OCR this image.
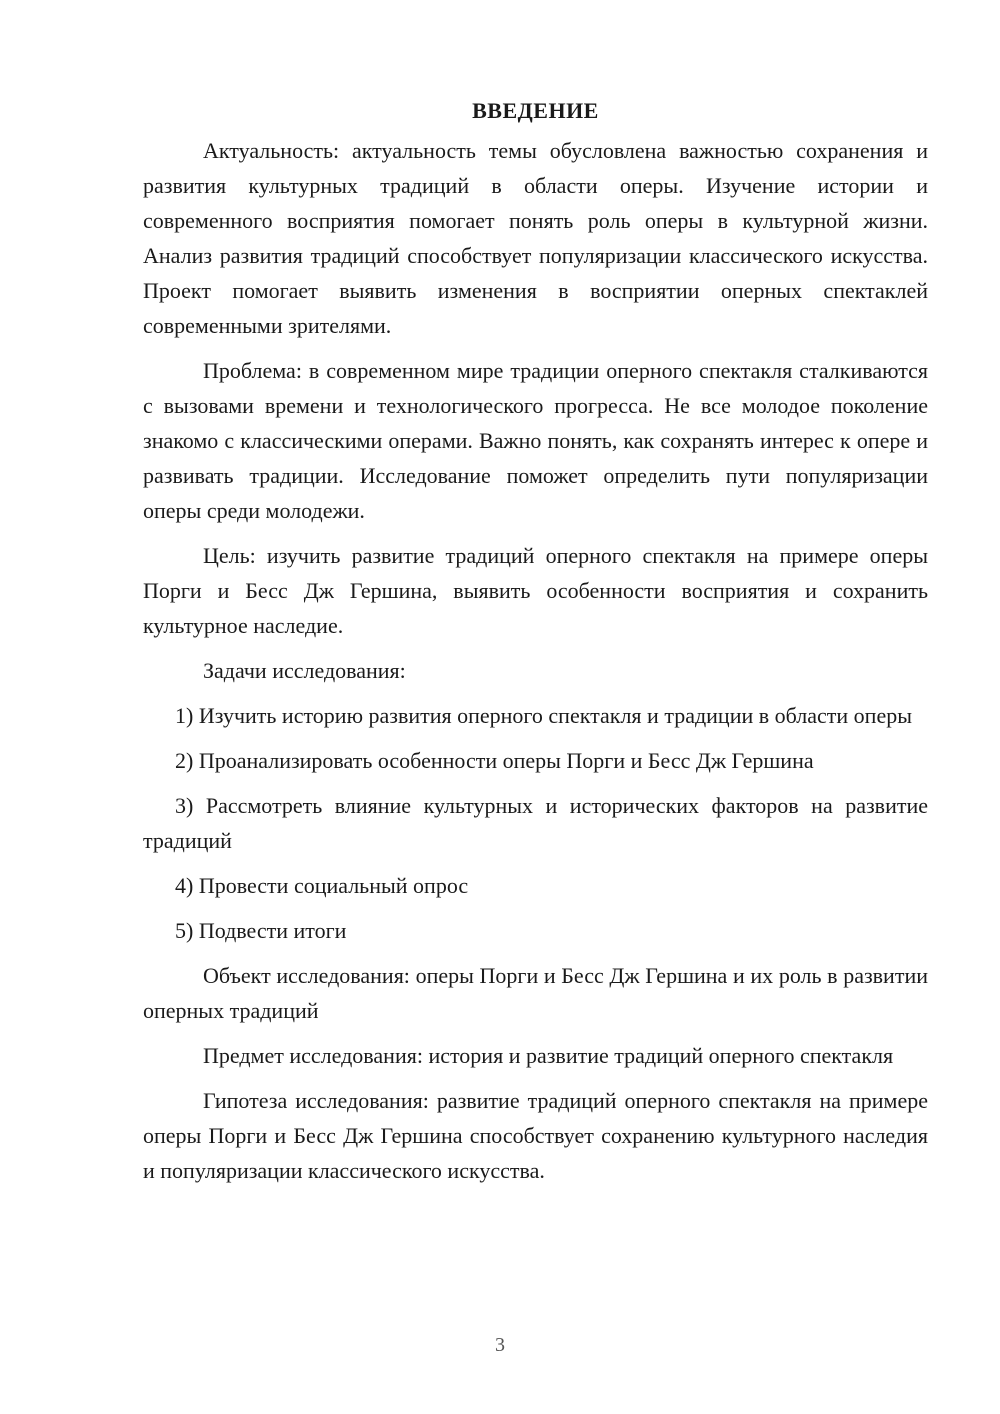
ВВЕДЕНИЕ

Актуальность: актуальность темы обусловлена важностью сохранения и развития культурных традиций в области оперы. Изучение истории и современного восприятия помогает понять роль оперы в культурной жизни. Анализ развития традиций способствует популяризации классического искусства. Проект помогает выявить изменения в восприятии оперных спектаклей современными зрителями.

Проблема: в современном мире традиции оперного спектакля сталкиваются с вызовами времени и технологического прогресса. Не все молодое поколение знакомо с классическими операми. Важно понять, как сохранять интерес к опере и развивать традиции. Исследование поможет определить пути популяризации оперы среди молодежи.

Цель: изучить развитие традиций оперного спектакля на примере оперы Порги и Бесс Дж Гершина, выявить особенности восприятия и сохранить культурное наследие.

Задачи исследования:

1) Изучить историю развития оперного спектакля и традиции в области оперы

2) Проанализировать особенности оперы Порги и Бесс Дж Гершина

3) Рассмотреть влияние культурных и исторических факторов на развитие традиций

4) Провести социальный опрос

5) Подвести итоги

Объект исследования: оперы Порги и Бесс Дж Гершина и их роль в развитии оперных традиций

Предмет исследования: история и развитие традиций оперного спектакля

Гипотеза исследования: развитие традиций оперного спектакля на примере оперы Порги и Бесс Дж Гершина способствует сохранению культурного наследия и популяризации классического искусства.

3
